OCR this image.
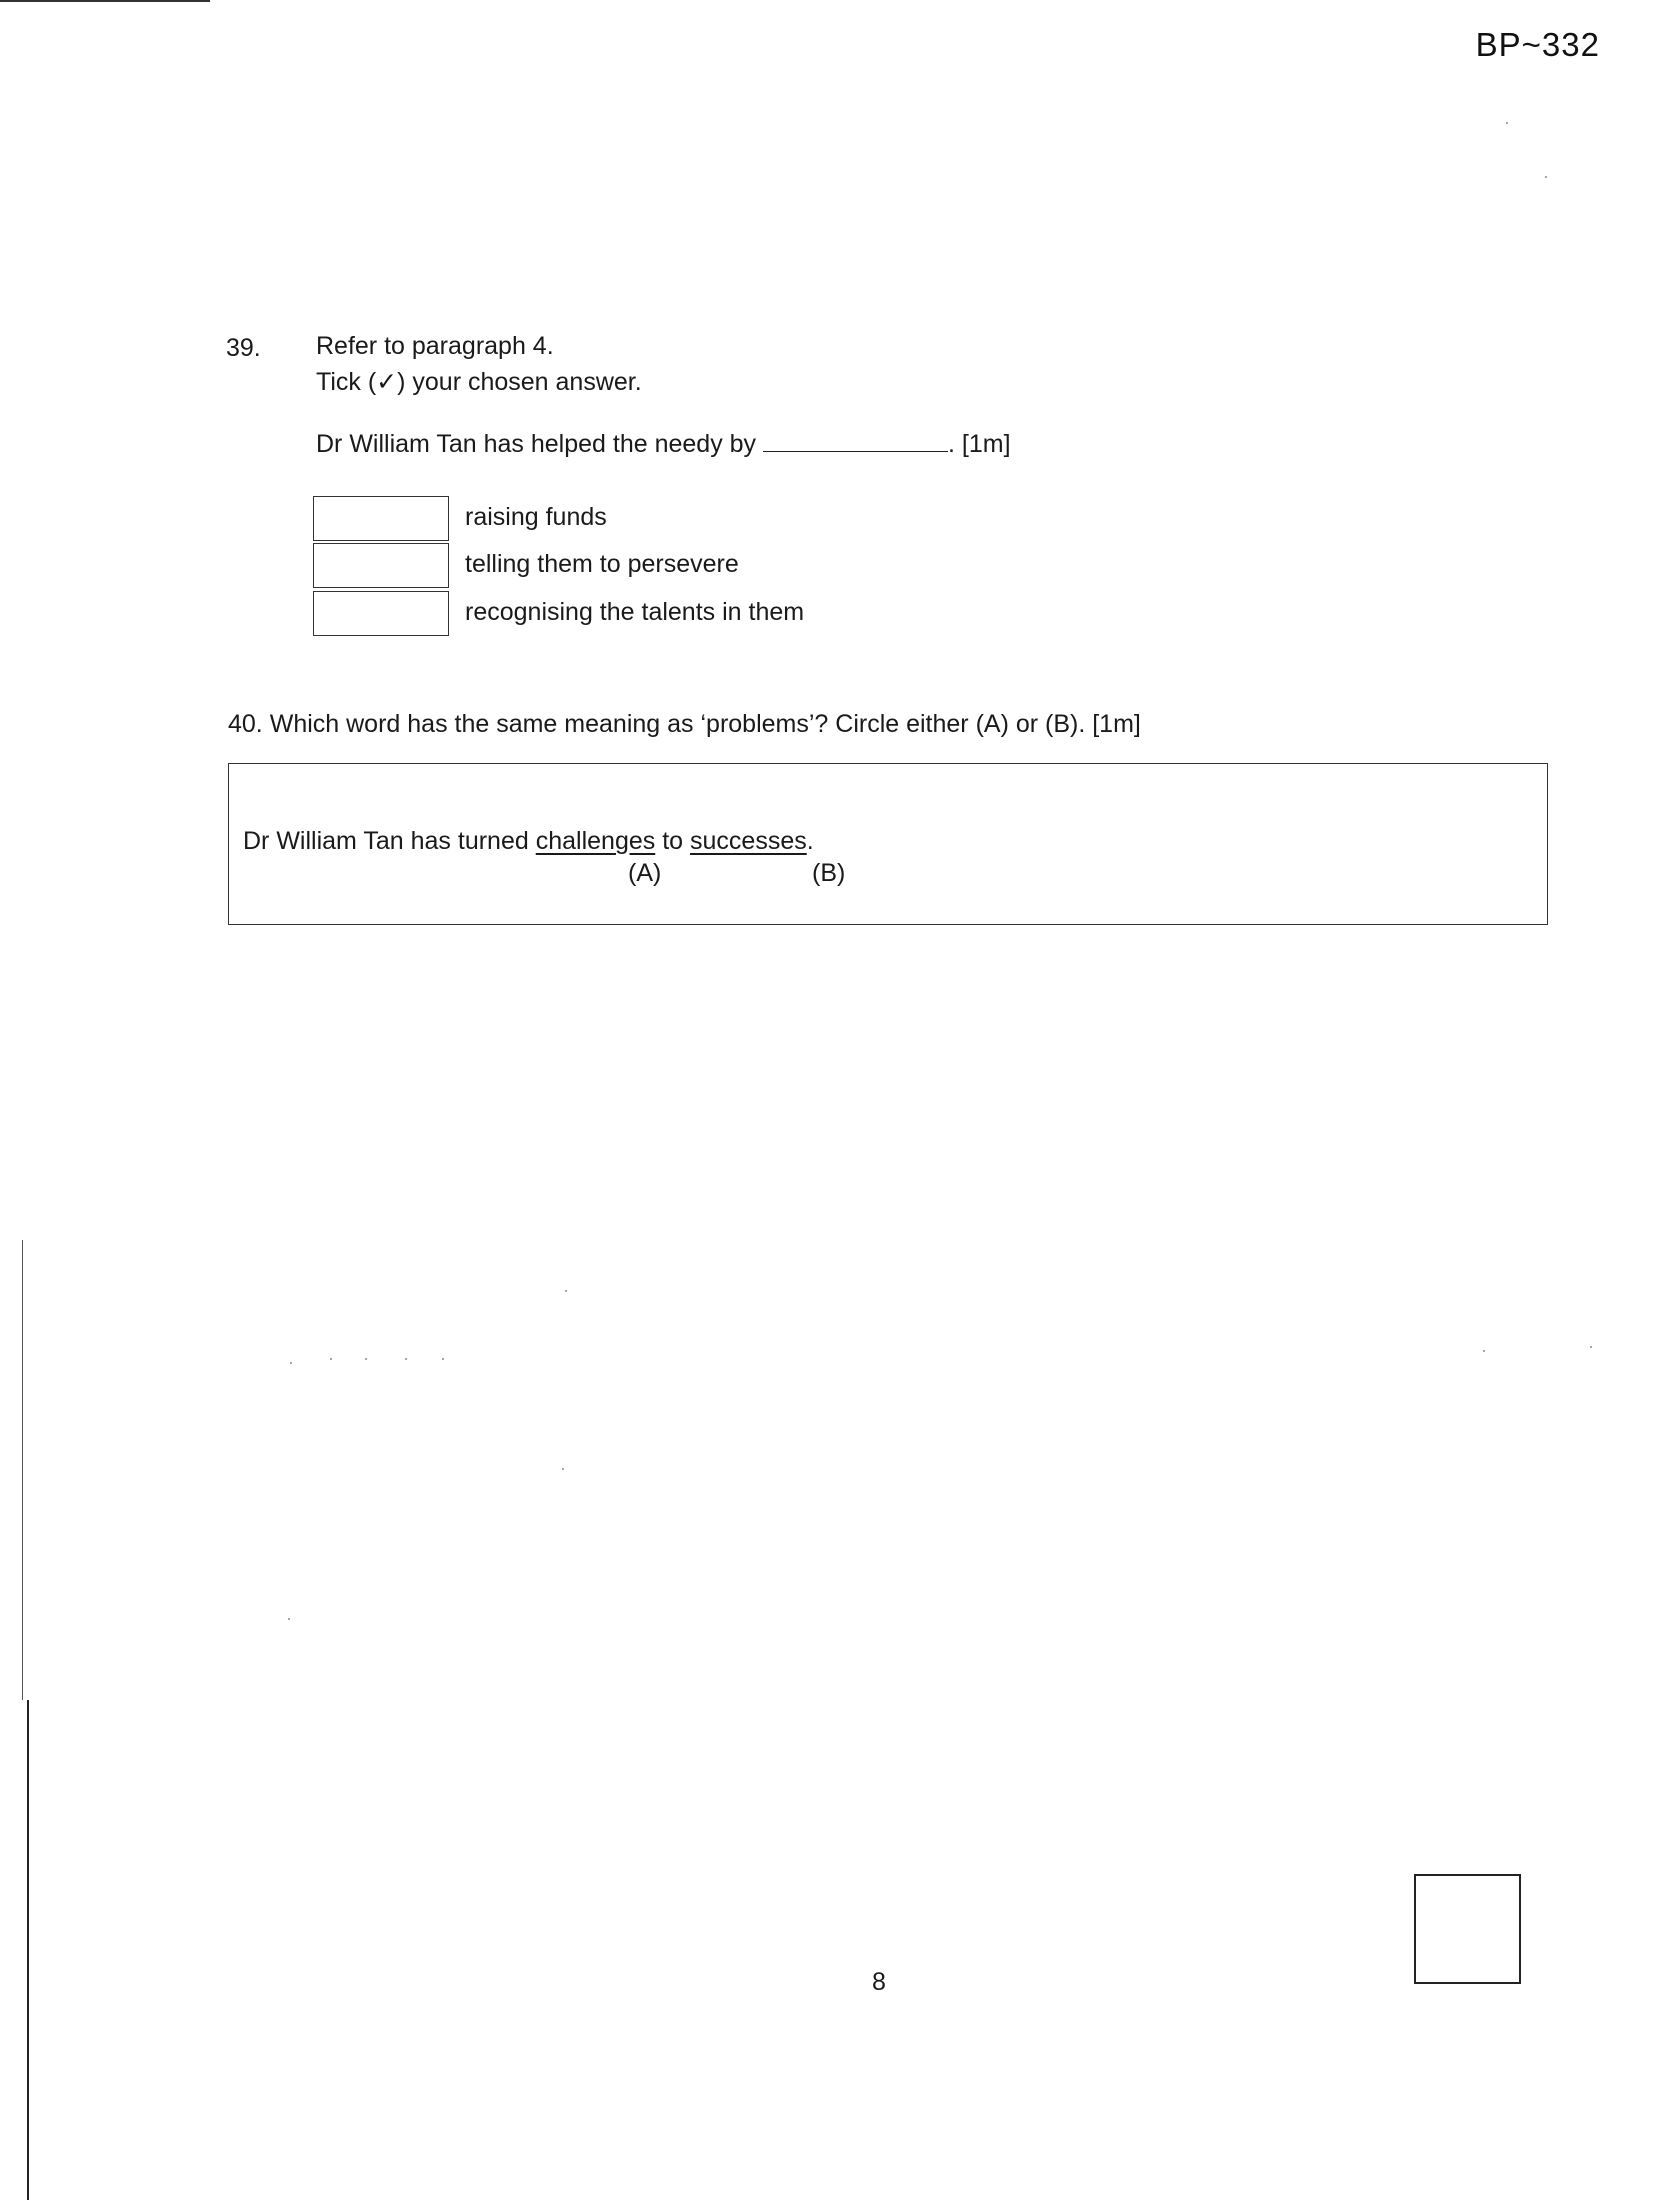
BP~332
39. Refer to paragraph 4.
Tick (✓) your chosen answer.
Dr William Tan has helped the needy by	. [1m]
raising funds
telling them to persevere
recognising the talents in them
40. Which word has the same meaning as ‘problems’? Circle either (A) or (B). [1m]
Dr William Tan has turned challenges to successes.
(A)	(B)
8
